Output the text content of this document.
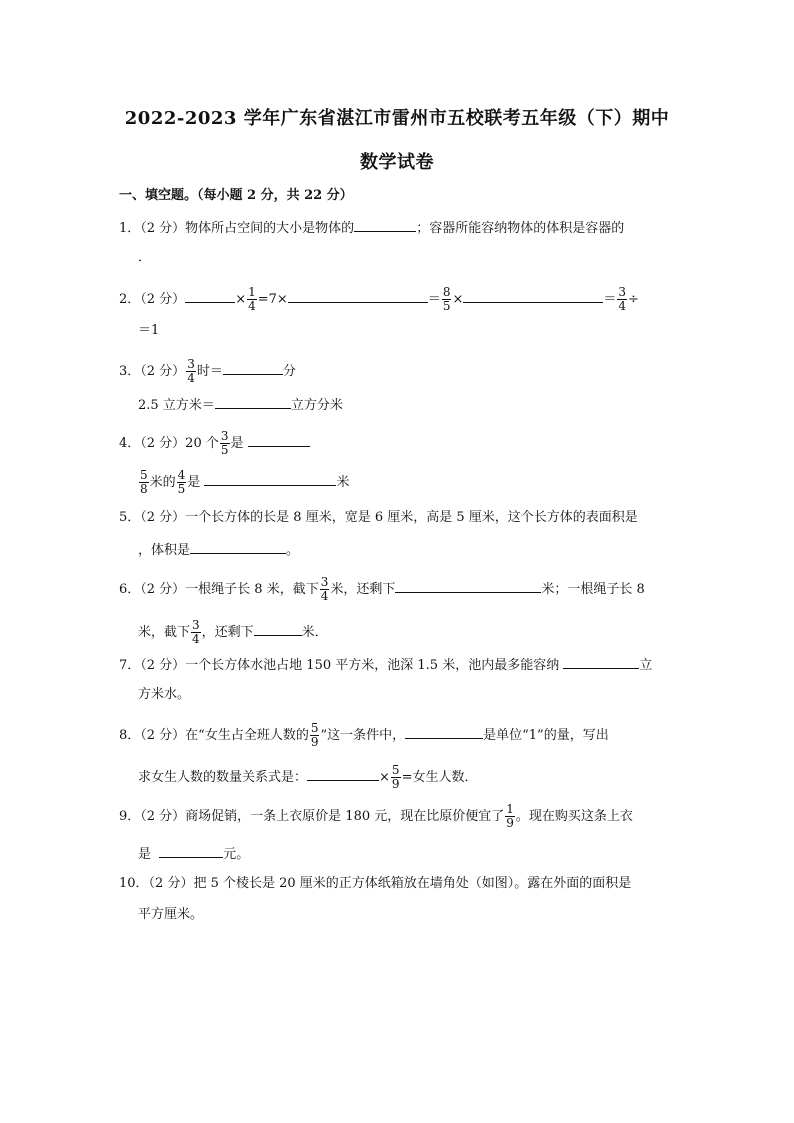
2022-2023 学年广东省湛江市雷州市五校联考五年级（下）期中
数学试卷
一、填空题。（每小题 2 分，共 22 分）
1．（2 分）物体所占空间的大小是物体的	；容器所能容纳物体的体积是容器的
．
2．（2 分）	× $\frac{1}{4} =7\times$	＝ $\frac{8}{5}$ ×	＝ $\frac{3}{4}$ ÷
＝1
3．（2 分） $\frac{3}{4}$ 时＝	分
2.5 立方米＝	立方分米
4．（2 分）20 个 $\frac{3}{5}$ 是
$\frac{5}{8}$ 米的 $\frac{4}{5}$ 是	米
5．（2 分）一个长方体的长是 8 厘米，宽是 6 厘米，高是 5 厘米，这个长方体的表面积是
，体积是	。
6．（2 分）一根绳子长 8 米，截下 $\frac{3}{4}$ 米，还剩下	米；一根绳子长 8
米，截下 $\frac{3}{4}$ ，还剩下	米．
7．（2 分）一个长方体水池占地 150 平方米，池深 1.5 米，池内最多能容纳	立
方米水。
8．（2 分）在“女生占全班人数的 $\frac{5}{9}$ ”这一条件中，	是单位“1”的量，写出
求女生人数的数量关系式是：	× $\frac{5}{9}$ =女生人数．
9．（2 分）商场促销，一条上衣原价是 180 元，现在比原价便宜了 $\frac{1}{9}$ 。现在购买这条上衣
是	元。
10．（2 分）把 5 个棱长是 20 厘米的正方体纸箱放在墙角处（如图）。露在外面的面积是
平方厘米。
